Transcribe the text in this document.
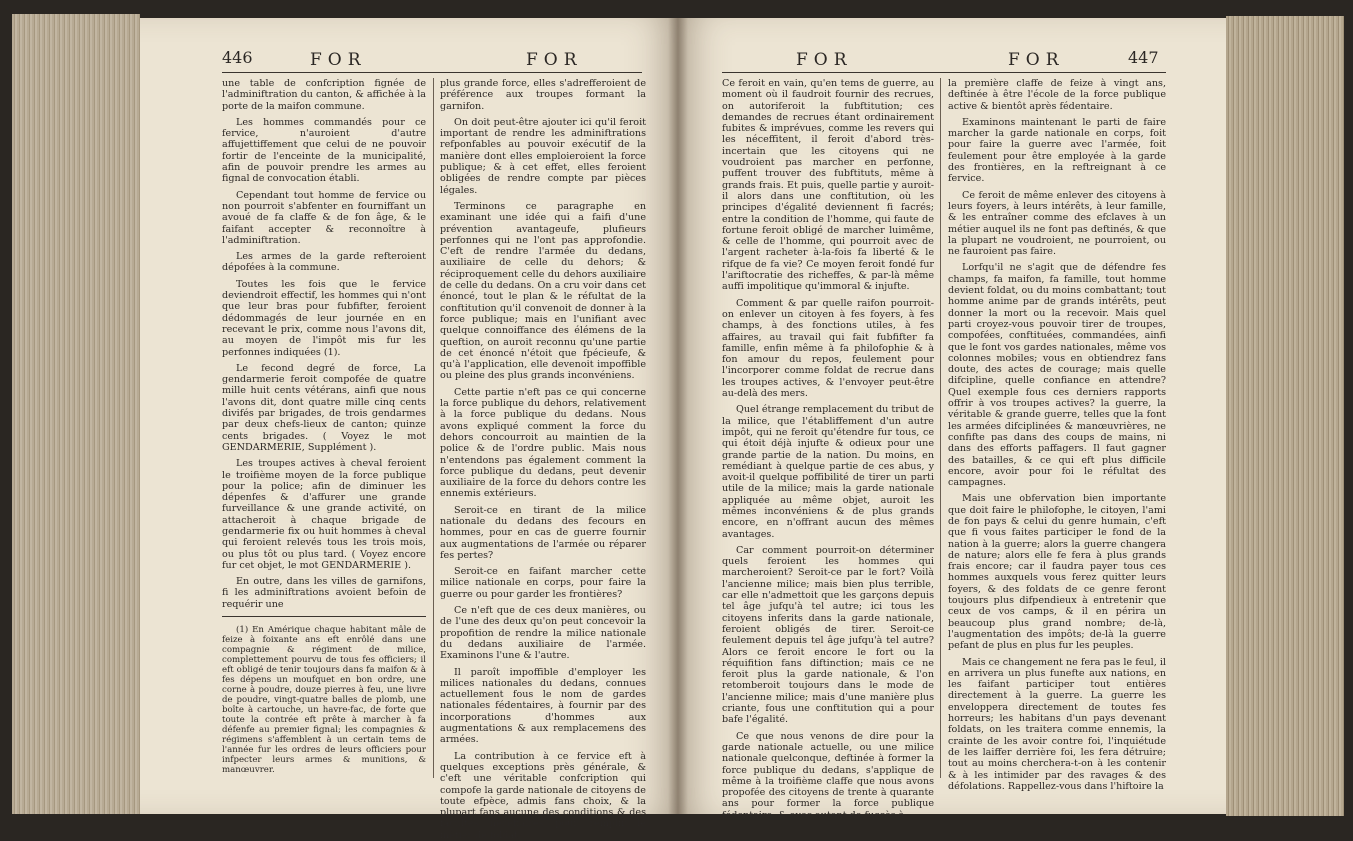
446	FOR	FOR

une table de confcription fignée de l'adminiftration du canton, & affichée à la porte de la maifon commune.

Les hommes commandés pour ce fervice, n'auroient d'autre affujettiffement que celui de ne pouvoir fortir de l'enceinte de la municipalité, afin de pouvoir prendre les armes au fignal de convocation établi.

Cependant tout homme de fervice ou non pourroit s'abfenter en fourniffant un avoué de fa claffe & de fon âge, & le faifant accepter & reconnoître à l'adminiftration.

Les armes de la garde refteroient dépofées à la commune.

Toutes les fois que le fervice deviendroit effectif, les hommes qui n'ont que leur bras pour fubfifter, feroient dédommagés de leur journée en en recevant le prix, comme nous l'avons dit, au moyen de l'impôt mis fur les perfonnes indiquées (1).

Le fecond degré de force, La gendarmerie feroit compofée de quatre mille huit cents vétérans, ainfi que nous l'avons dit, dont quatre mille cinq cents divifés par brigades, de trois gendarmes par deux chefs-lieux de canton; quinze cents brigades. ( Voyez le mot GENDARMERIE, Supplément ).

Les troupes actives à cheval feroient le troifième moyen de la force publique pour la police; afin de diminuer les dépenfes & d'affurer une grande furveillance & une grande activité, on attacheroit à chaque brigade de gendarmerie fix ou huit hommes à cheval qui feroient relevés tous les trois mois, ou plus tôt ou plus tard. ( Voyez encore fur cet objet, le mot GENDARMERIE ).

En outre, dans les villes de garnifons, fi les adminiftrations avoient befoin de requérir une

(1) En Amérique chaque habitant mâle de feize à foixante ans eft enrôlé dans une compagnie & régiment de milice, complettement pourvu de tous fes officiers; il eft obligé de tenir toujours dans fa maifon & à fes dépens un moufquet en bon ordre, une corne à poudre, douze pierres à feu, une livre de poudre, vingt-quatre balles de plomb, une boîte à cartouche, un havre-fac, de forte que toute la contrée eft prête à marcher à fa défenfe au premier fignal; les compagnies & régimens s'affemblent à un certain tems de l'année fur les ordres de leurs officiers pour infpecter leurs armes & munitions, & manœuvrer.

plus grande force, elles s'adrefferoient de préférence aux troupes formant la garnifon.

On doit peut-être ajouter ici qu'il feroit important de rendre les adminiftrations refponfables au pouvoir exécutif de la manière dont elles emploieroient la force publique; & à cet effet, elles feroient obligées de rendre compte par pièces légales.

Terminons ce paragraphe en examinant une idée qui a faifi d'une prévention avantageufe, plufieurs perfonnes qui ne l'ont pas approfondie. C'eft de rendre l'armée du dedans, auxiliaire de celle du dehors; & réciproquement celle du dehors auxiliaire de celle du dedans. On a cru voir dans cet énoncé, tout le plan & le réfultat de la conftitution qu'il convenoit de donner à la force publique; mais en l'unifiant avec quelque connoiffance des élémens de la queftion, on auroit reconnu qu'une partie de cet énoncé n'étoit que fpécieufe, & qu'à l'application, elle devenoit impoffible ou pleine des plus grands inconvéniens.

Cette partie n'eft pas ce qui concerne la force publique du dehors, relativement à la force publique du dedans. Nous avons expliqué comment la force du dehors concourroit au maintien de la police & de l'ordre public. Mais nous n'entendons pas également comment la force publique du dedans, peut devenir auxiliaire de la force du dehors contre les ennemis extérieurs.

Seroit-ce en tirant de la milice nationale du dedans des fecours en hommes, pour en cas de guerre fournir aux augmentations de l'armée ou réparer fes pertes?

Seroit-ce en faifant marcher cette milice nationale en corps, pour faire la guerre ou pour garder les frontières?

Ce n'eft que de ces deux manières, ou de l'une des deux qu'on peut concevoir la propofition de rendre la milice nationale du dedans auxiliaire de l'armée. Examinons l'une & l'autre.

Il paroît impoffible d'employer les milices nationales du dedans, connues actuellement fous le nom de gardes nationales fédentaires, à fournir par des incorporations d'hommes aux augmentations & aux remplacemens des armées.

La contribution à ce fervice eft à quelques exceptions près générale, & c'eft une véritable confcription qui compofe la garde nationale de citoyens de toute efpèce, admis fans choix, & la plupart fans aucune des conditions & des facultés néceffaires pour remplir le métier de foldat.

FOR	FOR	447

Ce feroit en vain, qu'en tems de guerre, au moment où il faudroit fournir des recrues, on autoriferoit la fubftitution; ces demandes de recrues étant ordinairement fubites & imprévues, comme les revers qui les néceffitent, il feroit d'abord très-incertain que les citoyens qui ne voudroient pas marcher en perfonne, puffent trouver des fubftituts, même à grands frais. Et puis, quelle partie y auroit-il alors dans une conftitution, où les principes d'égalité deviennent fi facrés; entre la condition de l'homme, qui faute de fortune feroit obligé de marcher luimême, & celle de l'homme, qui pourroit avec de l'argent racheter à-la-fois fa liberté & le rifque de fa vie? Ce moyen feroit fondé fur l'ariftocratie des richeffes, & par-là même auffi impolitique qu'immoral & injufte.

Comment & par quelle raifon pourroit-on enlever un citoyen à fes foyers, à fes champs, à des fonctions utiles, à fes affaires, au travail qui fait fubfifter fa famille, enfin même à fa philofophie & à fon amour du repos, feulement pour l'incorporer comme foldat de recrue dans les troupes actives, & l'envoyer peut-être au-delà des mers.

Quel étrange remplacement du tribut de la milice, que l'établiffement d'un autre impôt, qui ne feroit qu'étendre fur tous, ce qui étoit déjà injufte & odieux pour une grande partie de la nation. Du moins, en remédiant à quelque partie de ces abus, y avoit-il quelque poffibilité de tirer un parti utile de la milice; mais la garde nationale appliquée au même objet, auroit les mêmes inconvéniens & de plus grands encore, en n'offrant aucun des mêmes avantages.

Car comment pourroit-on déterminer quels feroient les hommes qui marcheroient? Seroit-ce par le fort? Voilà l'ancienne milice; mais bien plus terrible, car elle n'admettoit que les garçons depuis tel âge jufqu'à tel autre; ici tous les citoyens inferits dans la garde nationale, feroient obligés de tirer. Seroit-ce feulement depuis tel âge jufqu'à tel autre? Alors ce feroit encore le fort ou la réquifition fans diftinction; mais ce ne feroit plus la garde nationale, & l'on retomberoit toujours dans le mode de l'ancienne milice; mais d'une manière plus criante, fous une conftitution qui a pour bafe l'égalité.

Ce que nous venons de dire pour la garde nationale actuelle, ou une milice nationale quelconque, deftinée à former la force publique du dedans, s'applique de même à la troifième claffe que nous avons propofée des citoyens de trente à quarante ans pour former la force publique fédentaire, & avec autant de fuccès à

la première claffe de feize à vingt ans, deftinée à être l'école de la force publique active & bientôt après fédentaire.

Examinons maintenant le parti de faire marcher la garde nationale en corps, foit pour faire la guerre avec l'armée, foit feulement pour être employée à la garde des frontières, en la reftreignant à ce fervice.

Ce feroit de même enlever des citoyens à leurs foyers, à leurs intérêts, à leur famille, & les entraîner comme des efclaves à un métier auquel ils ne font pas deftinés, & que la plupart ne voudroient, ne pourroient, ou ne fauroient pas faire.

Lorfqu'il ne s'agit que de défendre fes champs, fa maifon, fa famille, tout homme devient foldat, ou du moins combattant; tout homme anime par de grands intérêts, peut donner la mort ou la recevoir. Mais quel parti croyez-vous pouvoir tirer de troupes, compofées, conftituées, commandées, ainfi que le font vos gardes nationales, même vos colonnes mobiles; vous en obtiendrez fans doute, des actes de courage; mais quelle difcipline, quelle confiance en attendre? Quel exemple fous ces derniers rapports offrir à vos troupes actives? la guerre, la véritable & grande guerre, telles que la font les armées difciplinées & manœuvrières, ne confifte pas dans des coups de mains, ni dans des efforts paffagers. Il faut gagner des batailles, & ce qui eft plus difficile encore, avoir pour foi le réfultat des campagnes.

Mais une obfervation bien importante que doit faire le philofophe, le citoyen, l'ami de fon pays & celui du genre humain, c'eft que fi vous faites participer le fond de la nation à la guerre; alors la guerre changera de nature; alors elle fe fera à plus grands frais encore; car il faudra payer tous ces hommes auxquels vous ferez quitter leurs foyers, & des foldats de ce genre feront toujours plus difpendieux à entretenir que ceux de vos camps, & il en périra un beaucoup plus grand nombre; de-là, l'augmentation des impôts; de-là la guerre pefant de plus en plus fur les peuples.

Mais ce changement ne fera pas le feul, il en arrivera un plus funefte aux nations, en les faifant participer tout entières directement à la guerre. La guerre les enveloppera directement de toutes fes horreurs; les habitans d'un pays devenant foldats, on les traitera comme ennemis, la crainte de les avoir contre foi, l'inquiétude de les laiffer derrière foi, les fera détruire; tout au moins cherchera-t-on à les contenir & à les intimider par des ravages & des défolations. Rappellez-vous dans l'hiftoire la
